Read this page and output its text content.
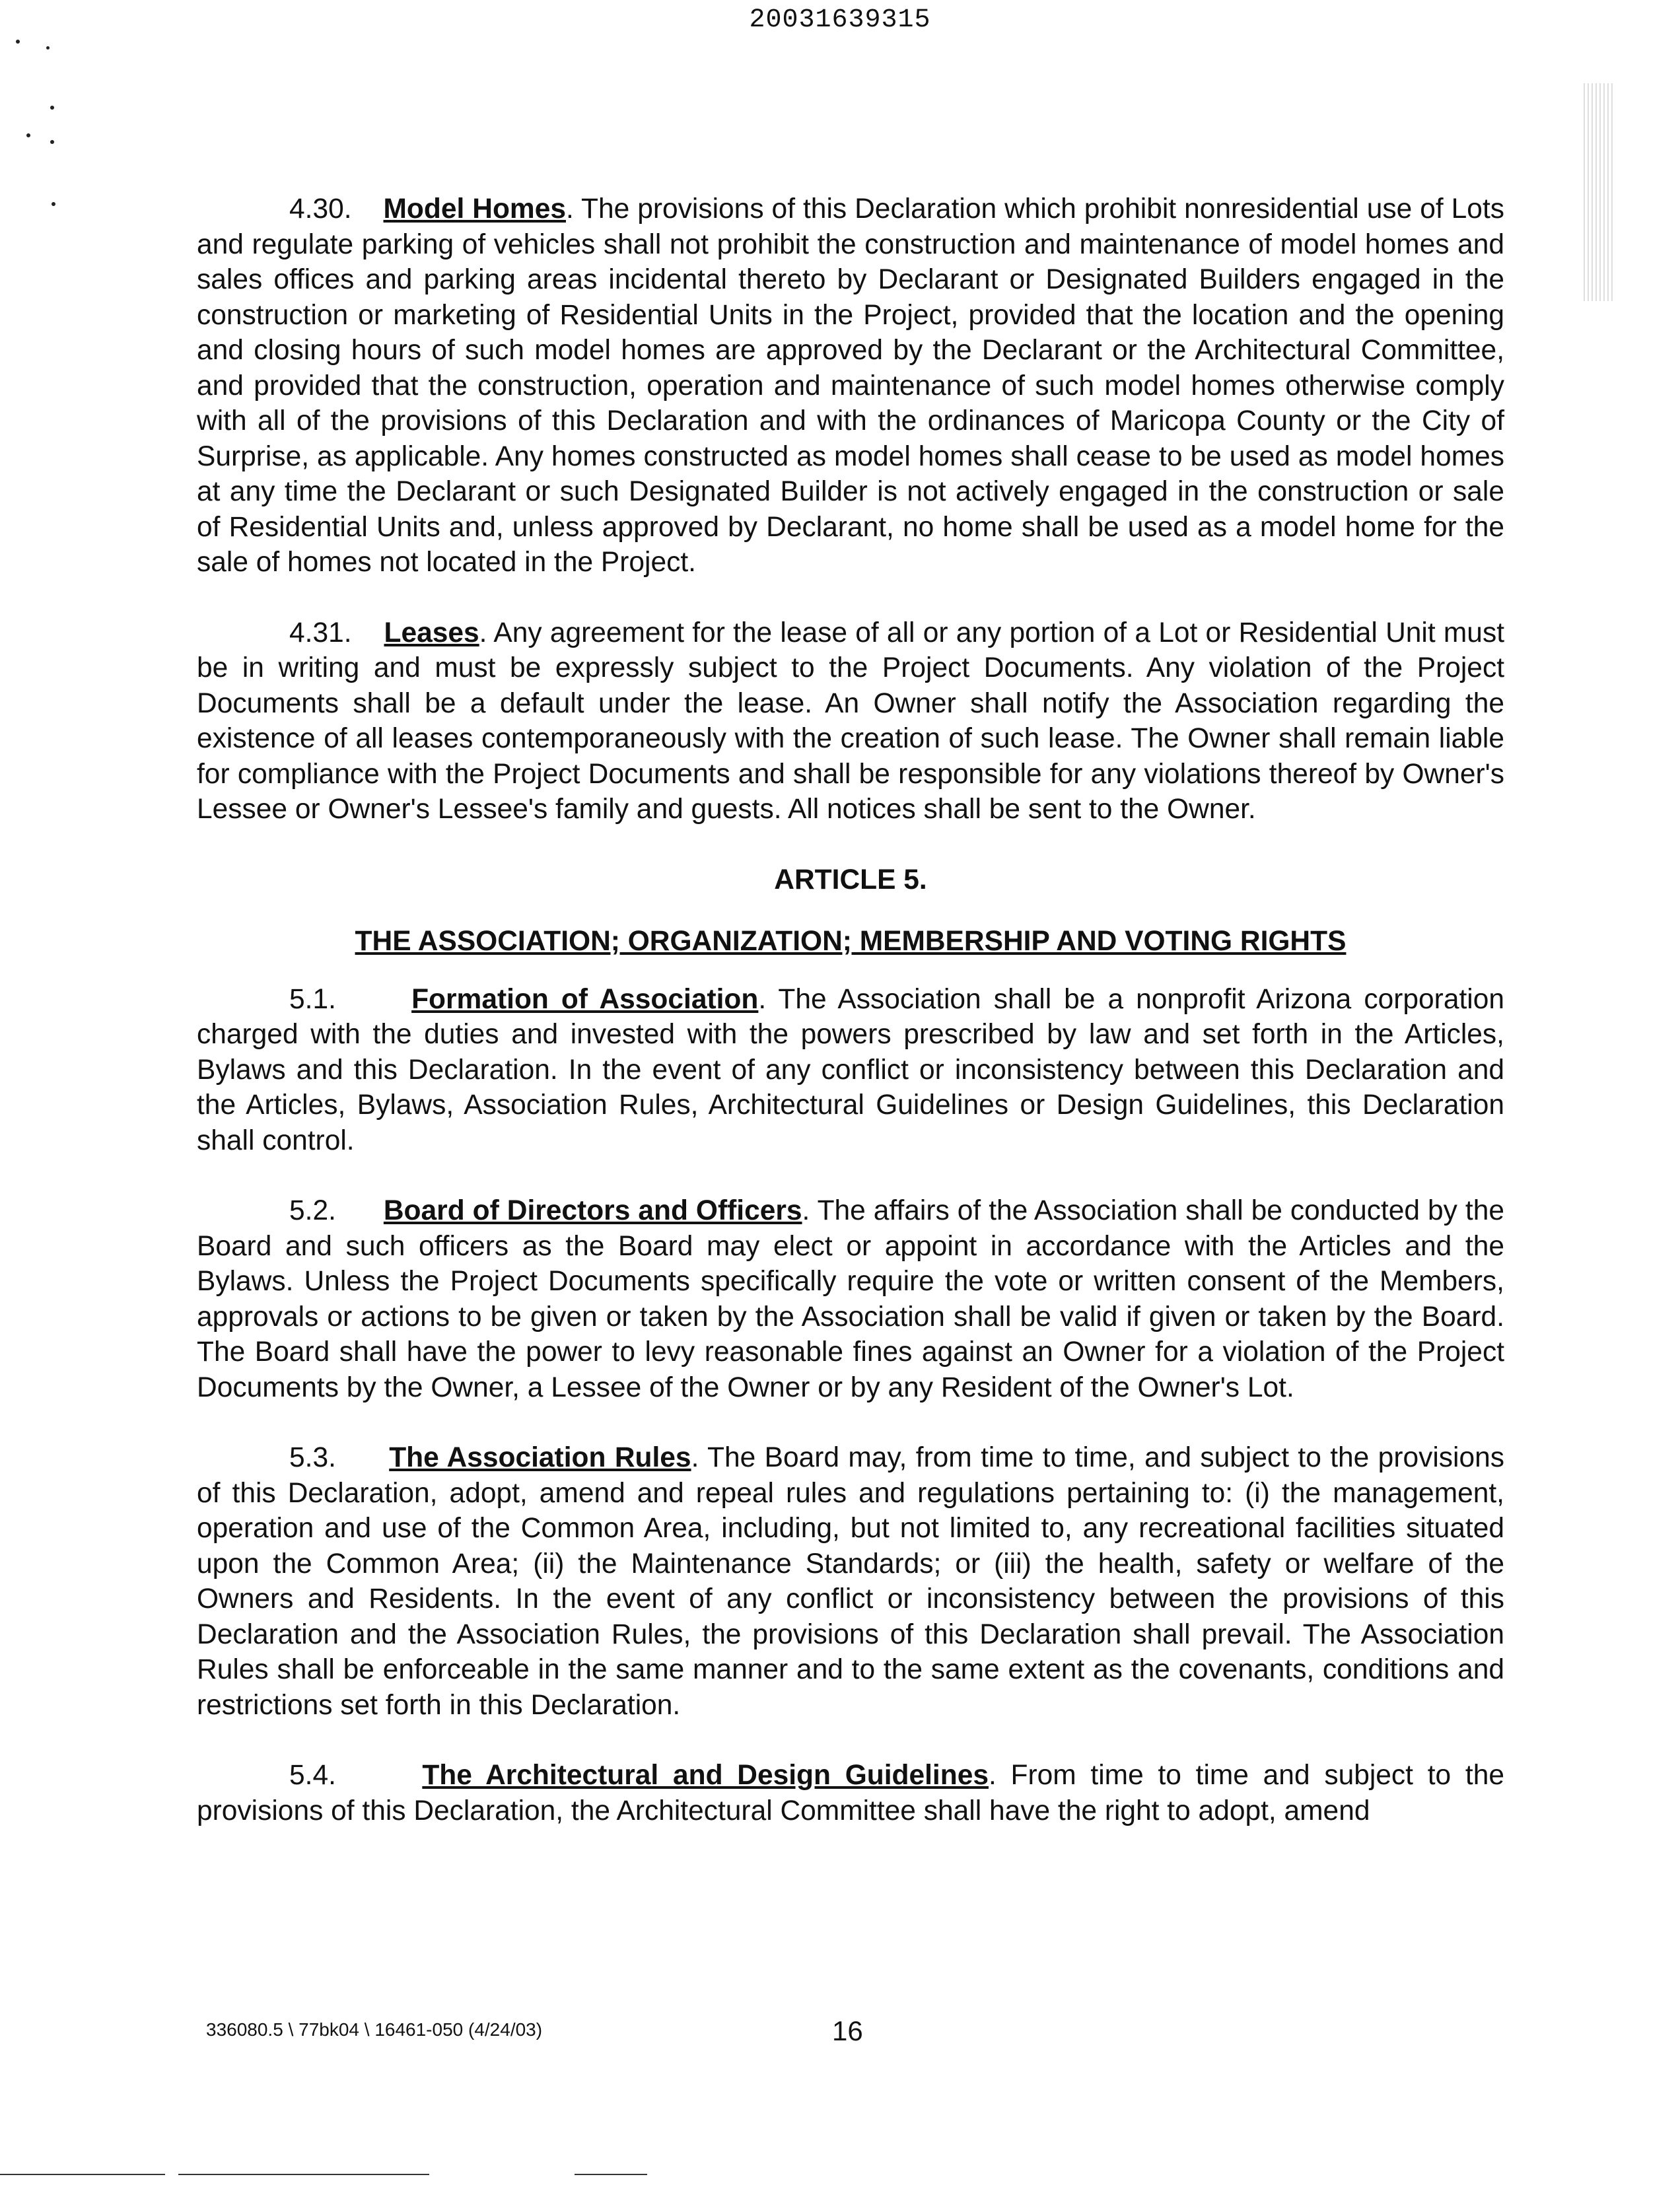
20031639315

4.30. Model Homes. The provisions of this Declaration which prohibit nonresidential use of Lots and regulate parking of vehicles shall not prohibit the construction and maintenance of model homes and sales offices and parking areas incidental thereto by Declarant or Designated Builders engaged in the construction or marketing of Residential Units in the Project, provided that the location and the opening and closing hours of such model homes are approved by the Declarant or the Architectural Committee, and provided that the construction, operation and maintenance of such model homes otherwise comply with all of the provisions of this Declaration and with the ordinances of Maricopa County or the City of Surprise, as applicable. Any homes constructed as model homes shall cease to be used as model homes at any time the Declarant or such Designated Builder is not actively engaged in the construction or sale of Residential Units and, unless approved by Declarant, no home shall be used as a model home for the sale of homes not located in the Project.

4.31. Leases. Any agreement for the lease of all or any portion of a Lot or Residential Unit must be in writing and must be expressly subject to the Project Documents. Any violation of the Project Documents shall be a default under the lease. An Owner shall notify the Association regarding the existence of all leases contemporaneously with the creation of such lease. The Owner shall remain liable for compliance with the Project Documents and shall be responsible for any violations thereof by Owner's Lessee or Owner's Lessee's family and guests. All notices shall be sent to the Owner.

ARTICLE 5.

THE ASSOCIATION; ORGANIZATION; MEMBERSHIP AND VOTING RIGHTS

5.1.	Formation of Association. The Association shall be a nonprofit Arizona corporation charged with the duties and invested with the powers prescribed by law and set forth in the Articles, Bylaws and this Declaration. In the event of any conflict or inconsistency between this Declaration and the Articles, Bylaws, Association Rules, Architectural Guidelines or Design Guidelines, this Declaration shall control.

5.2. Board of Directors and Officers. The affairs of the Association shall be conducted by the Board and such officers as the Board may elect or appoint in accordance with the Articles and the Bylaws. Unless the Project Documents specifically require the vote or written consent of the Members, approvals or actions to be given or taken by the Association shall be valid if given or taken by the Board. The Board shall have the power to levy reasonable fines against an Owner for a violation of the Project Documents by the Owner, a Lessee of the Owner or by any Resident of the Owner's Lot.

5.3. The Association Rules. The Board may, from time to time, and subject to the provisions of this Declaration, adopt, amend and repeal rules and regulations pertaining to: (i) the management, operation and use of the Common Area, including, but not limited to, any recreational facilities situated upon the Common Area; (ii) the Maintenance Standards; or (iii) the health, safety or welfare of the Owners and Residents. In the event of any conflict or inconsistency between the provisions of this Declaration and the Association Rules, the provisions of this Declaration shall prevail. The Association Rules shall be enforceable in the same manner and to the same extent as the covenants, conditions and restrictions set forth in this Declaration.

5.4.	The Architectural and Design Guidelines. From time to time and subject to the provisions of this Declaration, the Architectural Committee shall have the right to adopt, amend

336080.5 \ 77bk04 \ 16461-050 (4/24/03)	16
